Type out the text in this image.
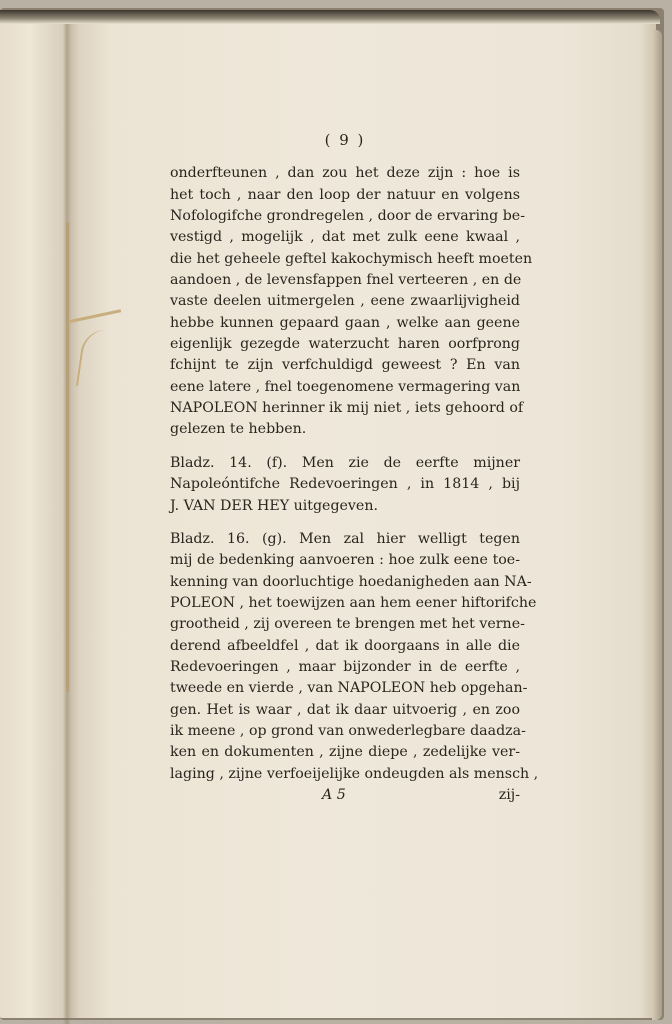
( 9 )
onderfteunen , dan zou het deze zijn : hoe is
het toch , naar den loop der natuur en volgens
Nofologifche grondregelen , door de ervaring be-
vestigd , mogelijk , dat met zulk eene kwaal ,
die het geheele geftel kakochymisch heeft moeten
aandoen , de levensfappen fnel verteeren , en de
vaste deelen uitmergelen , eene zwaarlijvigheid
hebbe kunnen gepaard gaan , welke aan geene
eigenlijk gezegde waterzucht haren oorfprong
fchijnt te zijn verfchuldigd geweest ? En van
eene latere , fnel toegenomene vermagering van
NAPOLEON herinner ik mij niet , iets gehoord of
gelezen te hebben.
Bladz. 14. (f). Men zie de eerfte mijner
Napoleóntifche Redevoeringen , in 1814 , bij
J. VAN DER HEY uitgegeven.
Bladz. 16. (g). Men zal hier welligt tegen
mij de bedenking aanvoeren : hoe zulk eene toe-
kenning van doorluchtige hoedanigheden aan NA-
POLEON , het toewijzen aan hem eener hiftorifche
grootheid , zij overeen te brengen met het verne-
derend afbeeldfel , dat ik doorgaans in alle die
Redevoeringen , maar bijzonder in de eerfte ,
tweede en vierde , van NAPOLEON heb opgehan-
gen. Het is waar , dat ik daar uitvoerig , en zoo
ik meene , op grond van onwederlegbare daadza-
ken en dokumenten , zijne diepe , zedelijke ver-
laging , zijne verfoeijelijke ondeugden als mensch ,
A 5	zij-
